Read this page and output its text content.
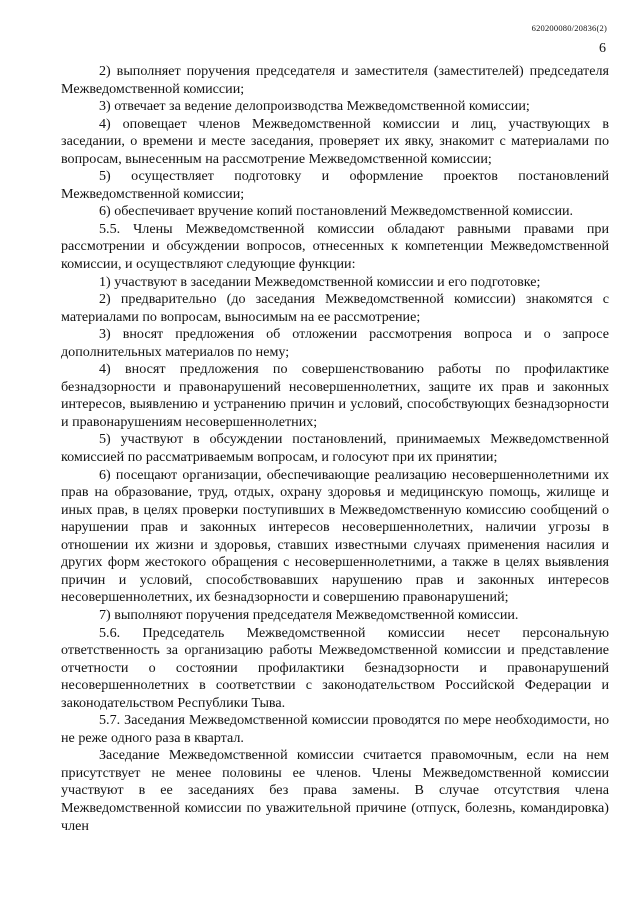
620200080/20836(2)
6

2) выполняет поручения председателя и заместителя (заместителей) председателя Межведомственной комиссии;

3) отвечает за ведение делопроизводства Межведомственной комиссии;

4) оповещает членов Межведомственной комиссии и лиц, участвующих в заседании, о времени и месте заседания, проверяет их явку, знакомит с материалами по вопросам, вынесенным на рассмотрение Межведомственной комиссии;

5) осуществляет подготовку и оформление проектов постановлений Межведомственной комиссии;

6) обеспечивает вручение копий постановлений Межведомственной комиссии.

5.5. Члены Межведомственной комиссии обладают равными правами при рассмотрении и обсуждении вопросов, отнесенных к компетенции Межведомственной комиссии, и осуществляют следующие функции:

1) участвуют в заседании Межведомственной комиссии и его подготовке;

2) предварительно (до заседания Межведомственной комиссии) знакомятся с материалами по вопросам, выносимым на ее рассмотрение;

3) вносят предложения об отложении рассмотрения вопроса и о запросе дополнительных материалов по нему;

4) вносят предложения по совершенствованию работы по профилактике безнадзорности и правонарушений несовершеннолетних, защите их прав и законных интересов, выявлению и устранению причин и условий, способствующих безнадзорности и правонарушениям несовершеннолетних;

5) участвуют в обсуждении постановлений, принимаемых Межведомственной комиссией по рассматриваемым вопросам, и голосуют при их принятии;

6) посещают организации, обеспечивающие реализацию несовершеннолетними их прав на образование, труд, отдых, охрану здоровья и медицинскую помощь, жилище и иных прав, в целях проверки поступивших в Межведомственную комиссию сообщений о нарушении прав и законных интересов несовершеннолетних, наличии угрозы в отношении их жизни и здоровья, ставших известными случаях применения насилия и других форм жестокого обращения с несовершеннолетними, а также в целях выявления причин и условий, способствовавших нарушению прав и законных интересов несовершеннолетних, их безнадзорности и совершению правонарушений;

7) выполняют поручения председателя Межведомственной комиссии.

5.6. Председатель Межведомственной комиссии несет персональную ответственность за организацию работы Межведомственной комиссии и представление отчетности о состоянии профилактики безнадзорности и правонарушений несовершеннолетних в соответствии с законодательством Российской Федерации и законодательством Республики Тыва.

5.7. Заседания Межведомственной комиссии проводятся по мере необходимости, но не реже одного раза в квартал.

Заседание Межведомственной комиссии считается правомочным, если на нем присутствует не менее половины ее членов. Члены Межведомственной комиссии участвуют в ее заседаниях без права замены. В случае отсутствия члена Межведомственной комиссии по уважительной причине (отпуск, болезнь, командировка) член
